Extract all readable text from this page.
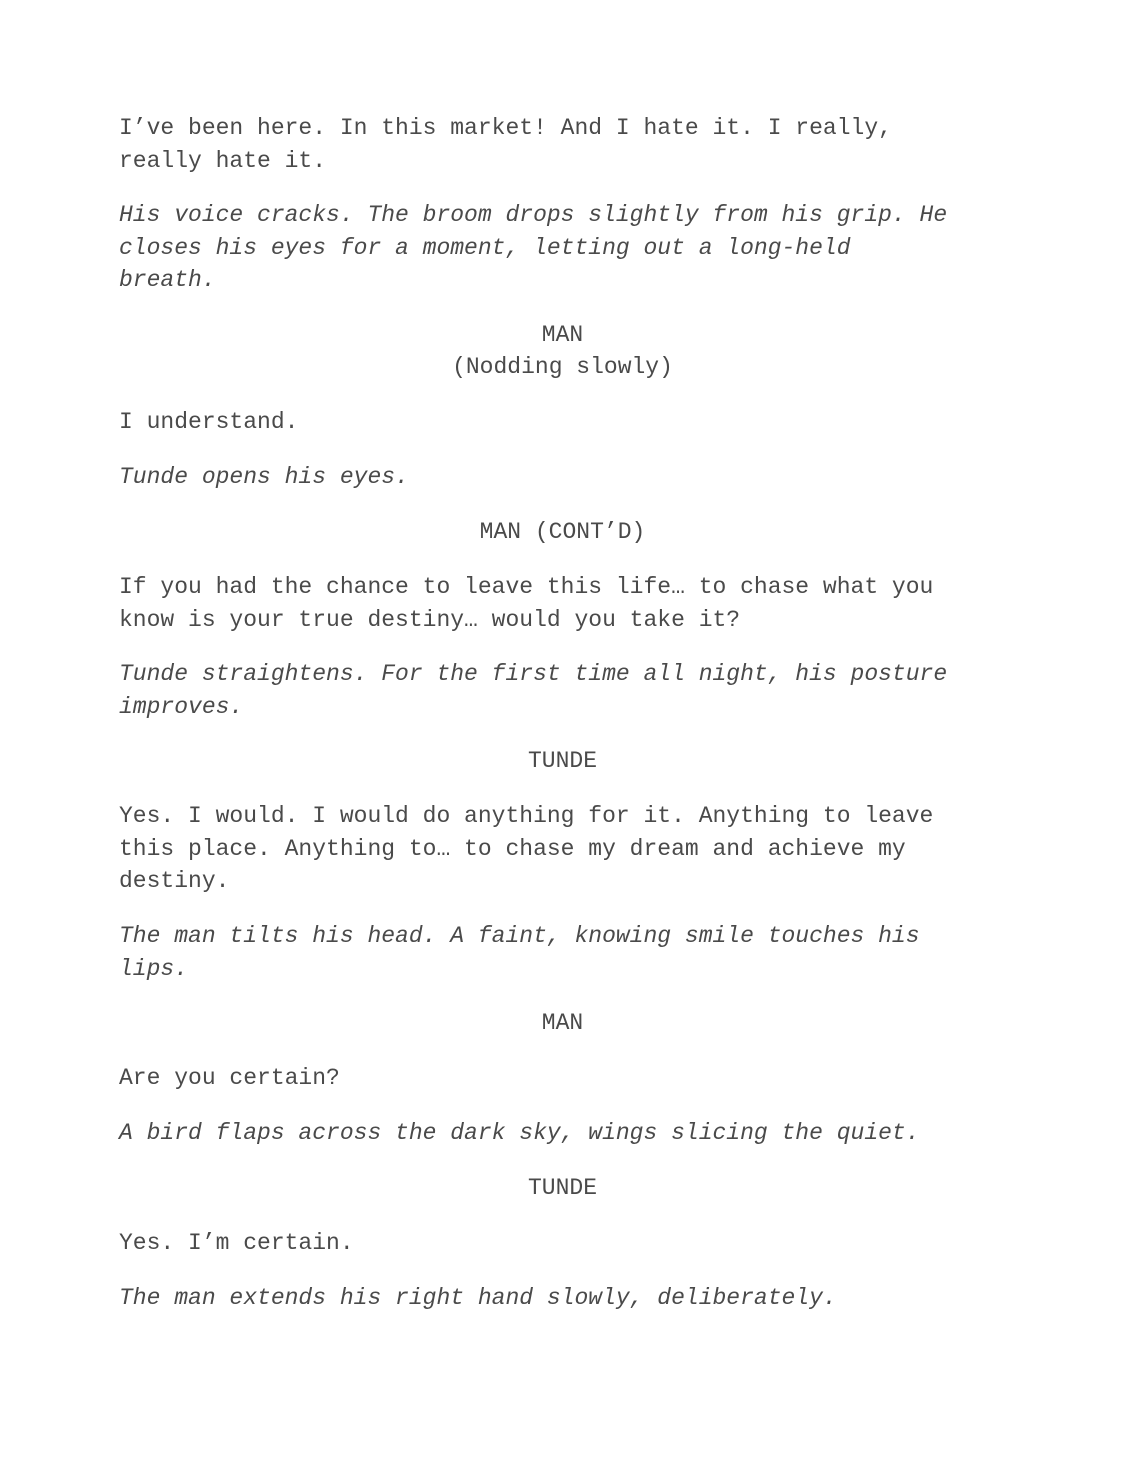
I’ve been here. In this market! And I hate it. I really,
really hate it.

His voice cracks. The broom drops slightly from his grip. He
closes his eyes for a moment, letting out a long-held
breath.

MAN

(Nodding slowly)

I understand.

Tunde opens his eyes.

MAN (CONT’D)

If you had the chance to leave this life… to chase what you
know is your true destiny… would you take it?

Tunde straightens. For the first time all night, his posture
improves.

TUNDE

Yes. I would. I would do anything for it. Anything to leave
this place. Anything to… to chase my dream and achieve my
destiny.

The man tilts his head. A faint, knowing smile touches his
lips.

MAN

Are you certain?

A bird flaps across the dark sky, wings slicing the quiet.

TUNDE

Yes. I’m certain.

The man extends his right hand slowly, deliberately.
